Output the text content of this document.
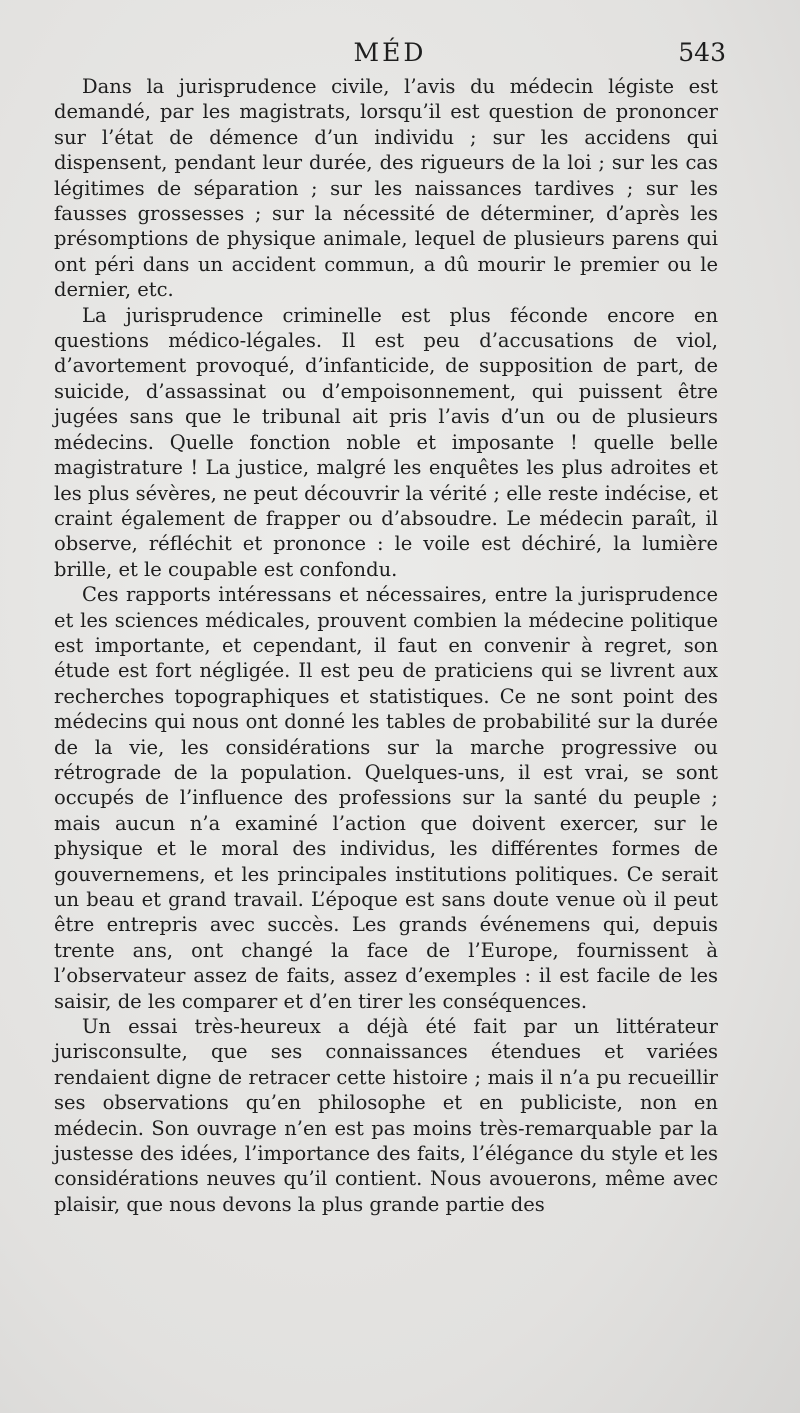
MÉD	543

Dans la jurisprudence civile, l’avis du médecin légiste est demandé, par les magistrats, lorsqu’il est question de prononcer sur l’état de démence d’un individu ; sur les accidens qui dispensent, pendant leur durée, des rigueurs de la loi ; sur les cas légitimes de séparation ; sur les naissances tardives ; sur les fausses grossesses ; sur la nécessité de déterminer, d’après les présomptions de physique animale, lequel de plusieurs parens qui ont péri dans un accident commun, a dû mourir le premier ou le dernier, etc.

La jurisprudence criminelle est plus féconde encore en questions médico-légales. Il est peu d’accusations de viol, d’avortement provoqué, d’infanticide, de supposition de part, de suicide, d’assassinat ou d’empoisonnement, qui puissent être jugées sans que le tribunal ait pris l’avis d’un ou de plusieurs médecins. Quelle fonction noble et imposante ! quelle belle magistrature ! La justice, malgré les enquêtes les plus adroites et les plus sévères, ne peut découvrir la vérité ; elle reste indécise, et craint également de frapper ou d’absoudre. Le médecin paraît, il observe, réfléchit et prononce : le voile est déchiré, la lumière brille, et le coupable est confondu.

Ces rapports intéressans et nécessaires, entre la jurisprudence et les sciences médicales, prouvent combien la médecine politique est importante, et cependant, il faut en convenir à regret, son étude est fort négligée. Il est peu de praticiens qui se livrent aux recherches topographiques et statistiques. Ce ne sont point des médecins qui nous ont donné les tables de probabilité sur la durée de la vie, les considérations sur la marche progressive ou rétrograde de la population. Quelques-uns, il est vrai, se sont occupés de l’influence des professions sur la santé du peuple ; mais aucun n’a examiné l’action que doivent exercer, sur le physique et le moral des individus, les différentes formes de gouvernemens, et les principales institutions politiques. Ce serait un beau et grand travail. L’époque est sans doute venue où il peut être entrepris avec succès. Les grands événemens qui, depuis trente ans, ont changé la face de l’Europe, fournissent à l’observateur assez de faits, assez d’exemples : il est facile de les saisir, de les comparer et d’en tirer les conséquences.

Un essai très-heureux a déjà été fait par un littérateur jurisconsulte, que ses connaissances étendues et variées rendaient digne de retracer cette histoire ; mais il n’a pu recueillir ses observations qu’en philosophe et en publiciste, non en médecin. Son ouvrage n’en est pas moins très-remarquable par la justesse des idées, l’importance des faits, l’élégance du style et les considérations neuves qu’il contient. Nous avouerons, même avec plaisir, que nous devons la plus grande partie des
